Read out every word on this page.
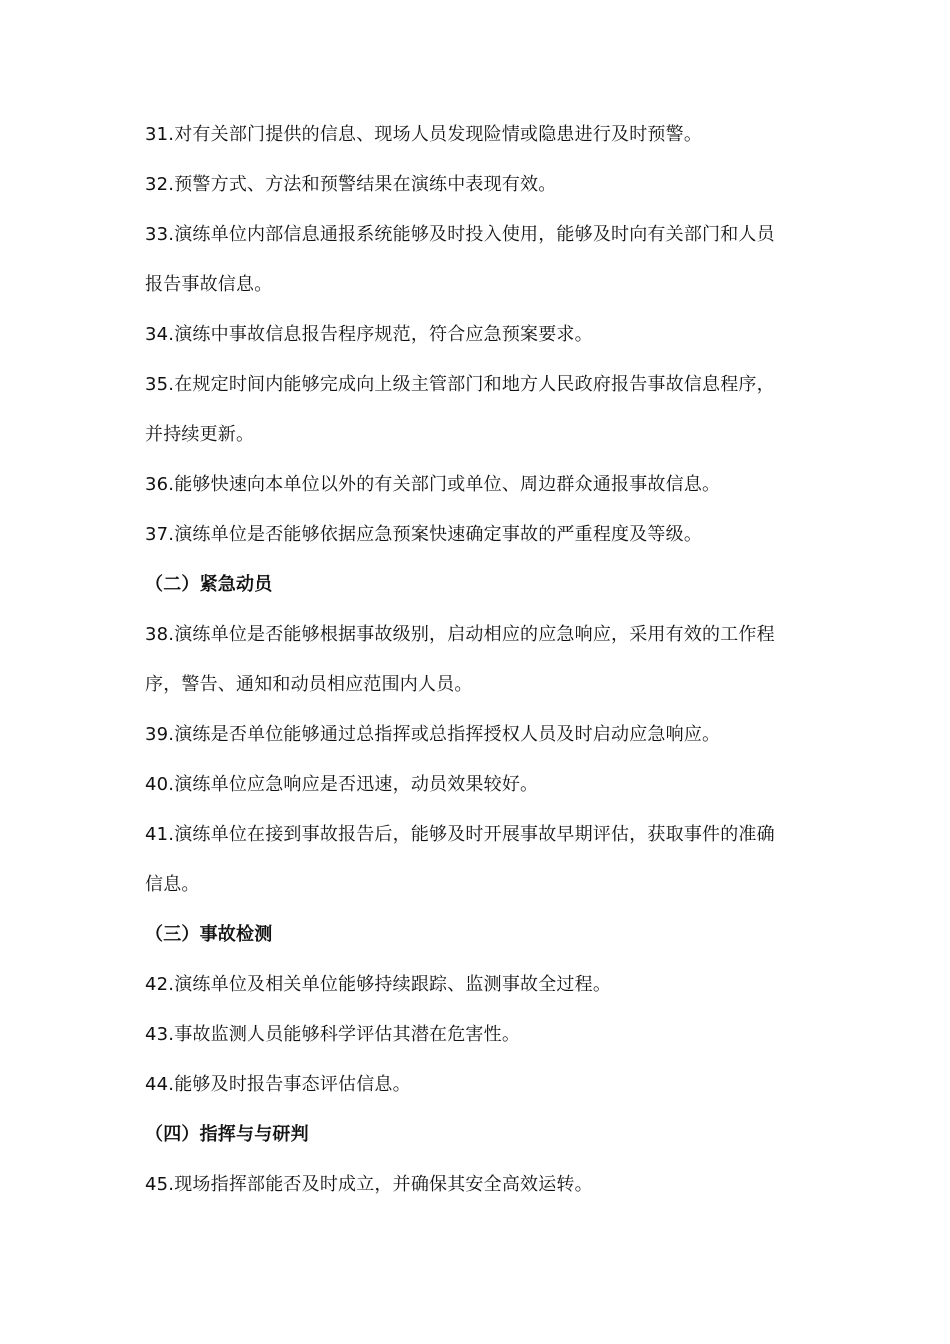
31.对有关部门提供的信息、现场人员发现险情或隐患进行及时预警。
32.预警方式、方法和预警结果在演练中表现有效。
33.演练单位内部信息通报系统能够及时投入使用，能够及时向有关部门和人员
报告事故信息。
34.演练中事故信息报告程序规范，符合应急预案要求。
35.在规定时间内能够完成向上级主管部门和地方人民政府报告事故信息程序，
并持续更新。
36.能够快速向本单位以外的有关部门或单位、周边群众通报事故信息。
37.演练单位是否能够依据应急预案快速确定事故的严重程度及等级。
（二）紧急动员
38.演练单位是否能够根据事故级别，启动相应的应急响应，采用有效的工作程
序，警告、通知和动员相应范围内人员。
39.演练是否单位能够通过总指挥或总指挥授权人员及时启动应急响应。
40.演练单位应急响应是否迅速，动员效果较好。
41.演练单位在接到事故报告后，能够及时开展事故早期评估，获取事件的准确
信息。
（三）事故检测
42.演练单位及相关单位能够持续跟踪、监测事故全过程。
43.事故监测人员能够科学评估其潜在危害性。
44.能够及时报告事态评估信息。
（四）指挥与与研判
45.现场指挥部能否及时成立，并确保其安全高效运转。
